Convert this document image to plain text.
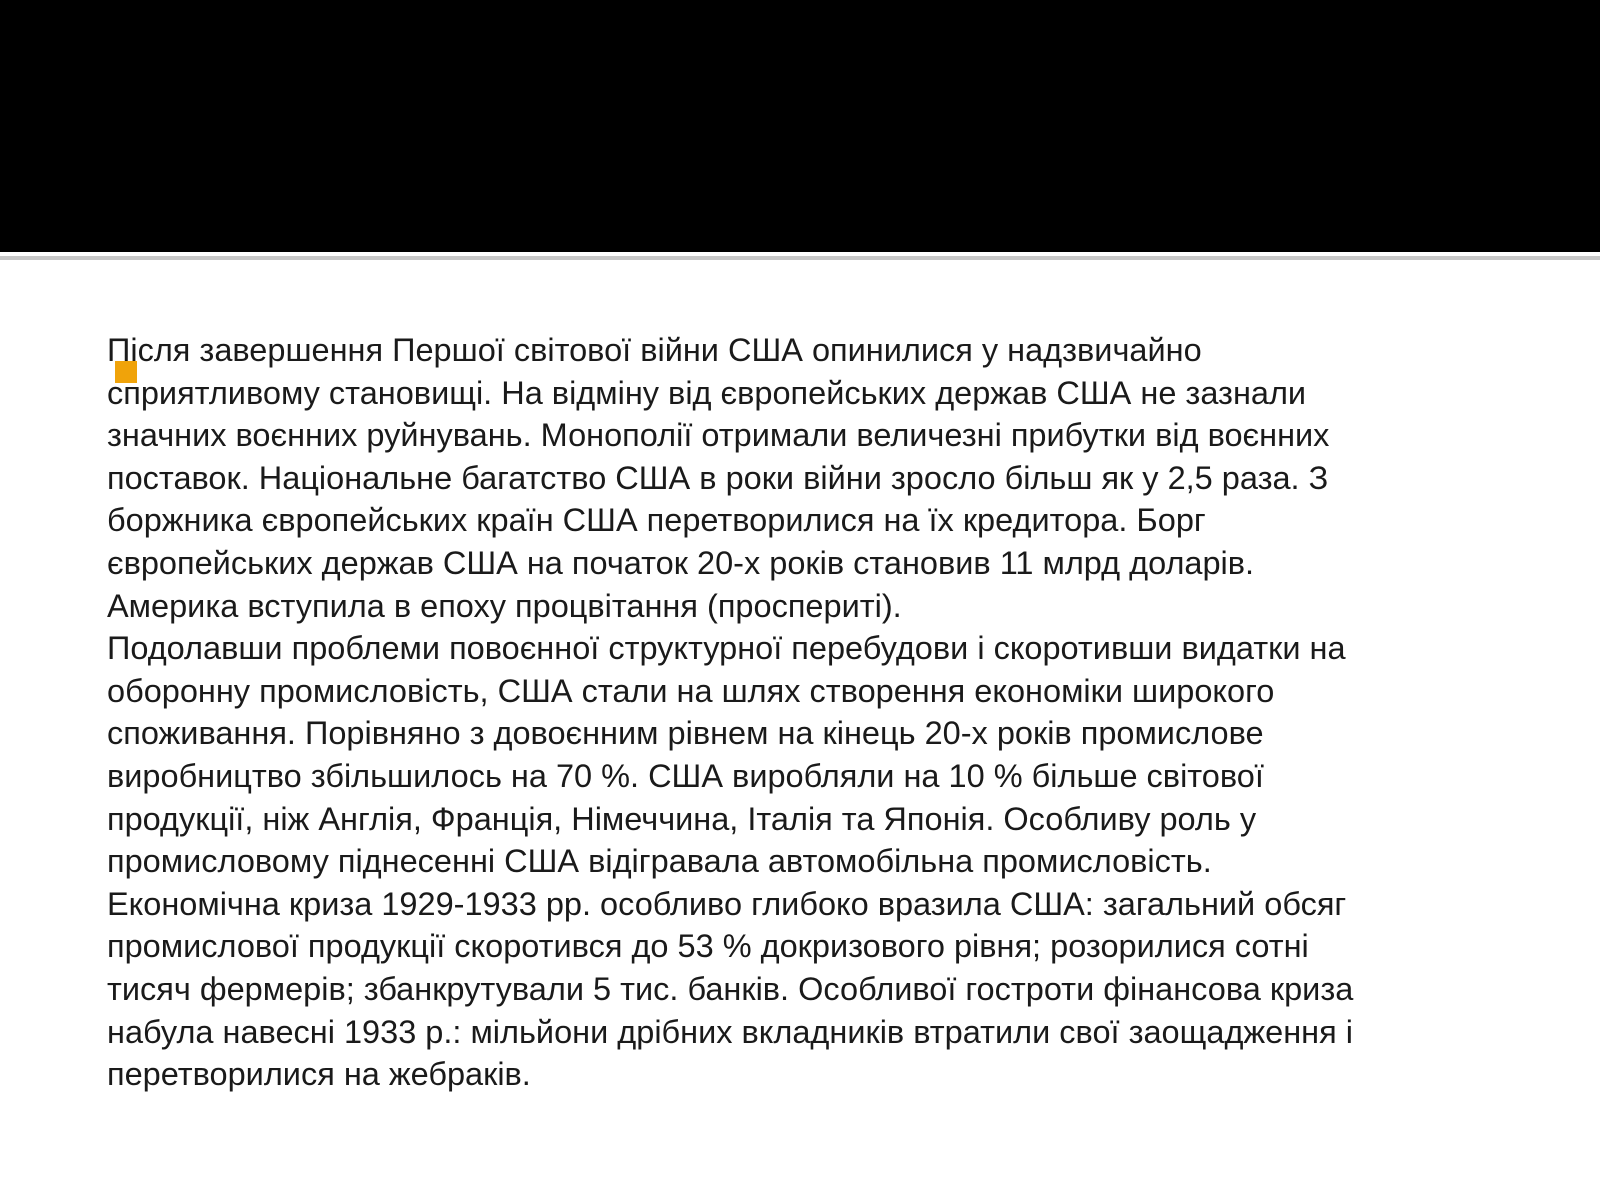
Після завершення Першої світової війни США опинилися у надзвичайно
сприятливому становищі. На відміну від європейських держав США не зазнали
значних воєнних руйнувань. Монополії отримали величезні прибутки від воєнних
поставок. Національне багатство США в роки війни зросло більш як у 2,5 раза. З
боржника європейських країн США перетворилися на їх кредитора. Борг
європейських держав США на початок 20-х років становив 11 млрд доларів.
Америка вступила в епоху процвітання (проспериті).

Подолавши проблеми повоєнної структурної перебудови і скоротивши видатки на
оборонну промисловість, США стали на шлях створення економіки широкого
споживання. Порівняно з довоєнним рівнем на кінець 20-х років промислове
виробництво збільшилось на 70 %. США виробляли на 10 % більше світової
продукції, ніж Англія, Франція, Німеччина, Італія та Японія. Особливу роль у
промисловому піднесенні США відігравала автомобільна промисловість.

Економічна криза 1929-1933 рр. особливо глибоко вразила США: загальний обсяг
промислової продукції скоротився до 53 % докризового рівня; розорилися сотні
тисяч фермерів; збанкрутували 5 тис. банків. Особливої гостроти фінансова криза
набула навесні 1933 р.: мільйони дрібних вкладників втратили свої заощадження і
перетворилися на жебраків.
